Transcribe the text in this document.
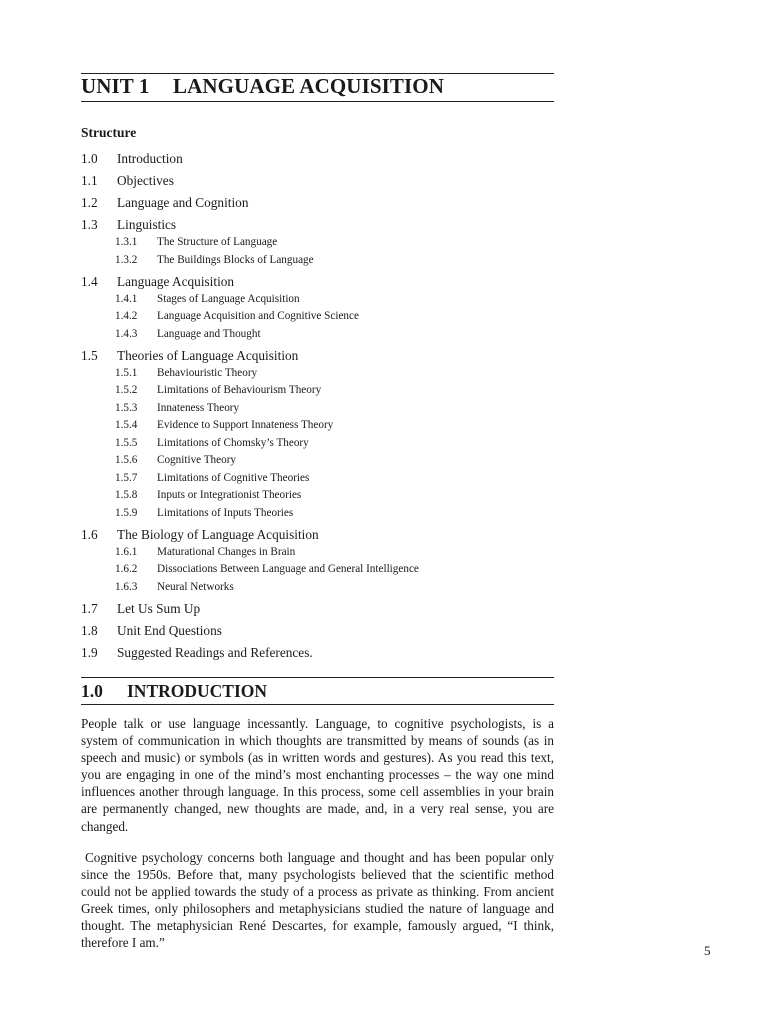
UNIT 1 LANGUAGE ACQUISITION
Structure
1.0 Introduction
1.1 Objectives
1.2 Language and Cognition
1.3 Linguistics
1.3.1 The Structure of Language
1.3.2 The Buildings Blocks of Language
1.4 Language Acquisition
1.4.1 Stages of Language Acquisition
1.4.2 Language Acquisition and Cognitive Science
1.4.3 Language and Thought
1.5 Theories of Language Acquisition
1.5.1 Behaviouristic Theory
1.5.2 Limitations of Behaviourism Theory
1.5.3 Innateness Theory
1.5.4 Evidence to Support Innateness Theory
1.5.5 Limitations of Chomsky’s Theory
1.5.6 Cognitive Theory
1.5.7 Limitations of Cognitive Theories
1.5.8 Inputs or Integrationist Theories
1.5.9 Limitations of Inputs Theories
1.6 The Biology of Language Acquisition
1.6.1 Maturational Changes in Brain
1.6.2 Dissociations Between Language and General Intelligence
1.6.3 Neural Networks
1.7 Let Us Sum Up
1.8 Unit End Questions
1.9 Suggested Readings and References.
1.0 INTRODUCTION

People talk or use language incessantly. Language, to cognitive psychologists, is a system of communication in which thoughts are transmitted by means of sounds (as in speech and music) or symbols (as in written words and gestures). As you read this text, you are engaging in one of the mind’s most enchanting processes – the way one mind influences another through language. In this process, some cell assemblies in your brain are permanently changed, new thoughts are made, and, in a very real sense, you are changed.

Cognitive psychology concerns both language and thought and has been popular only since the 1950s. Before that, many psychologists believed that the scientific method could not be applied towards the study of a process as private as thinking. From ancient Greek times, only philosophers and metaphysicians studied the nature of language and thought. The metaphysician René Descartes, for example, famously argued, “I think, therefore I am.”

5
